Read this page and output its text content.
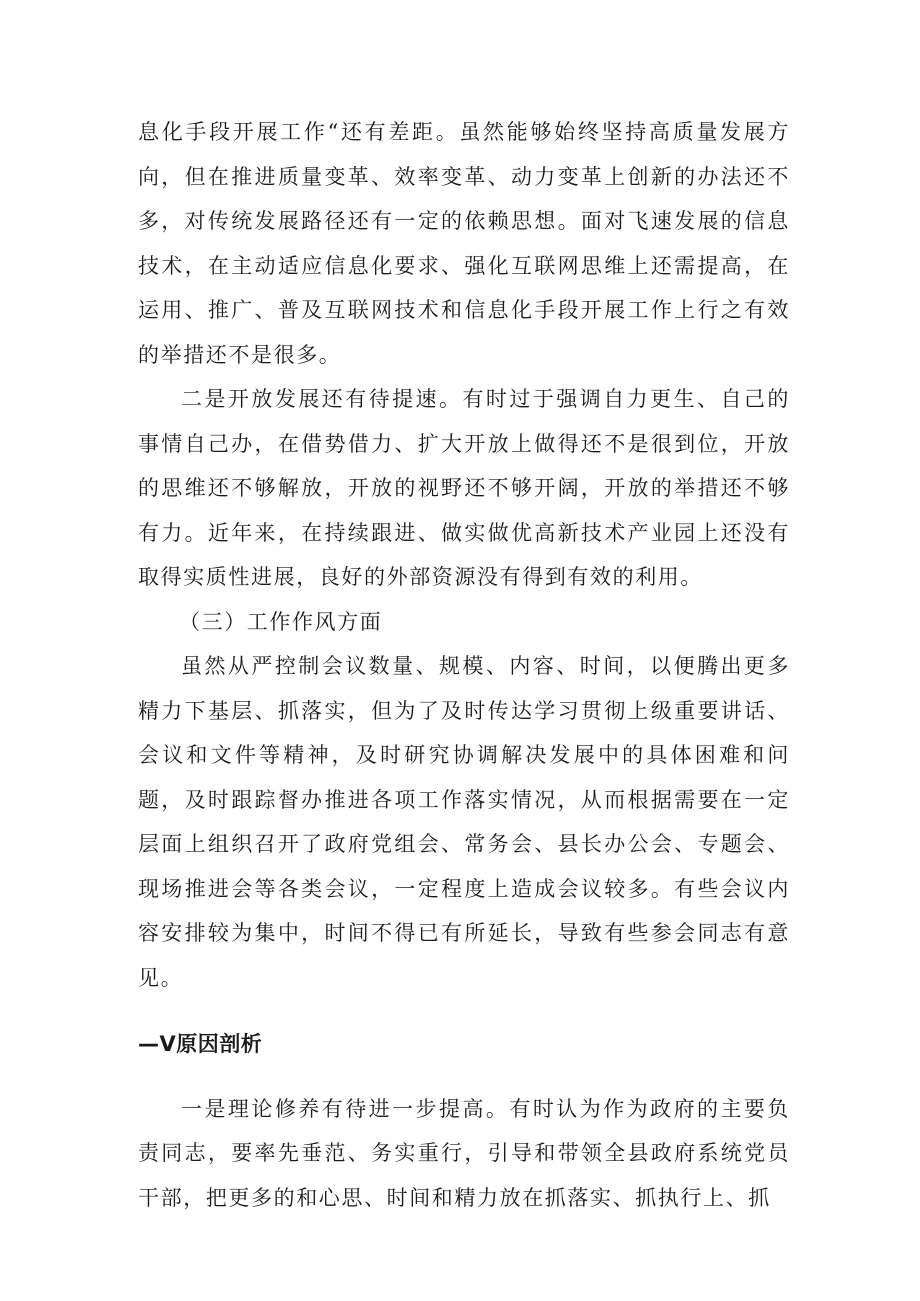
息化手段开展工作“还有差距。虽然能够始终坚持高质量发展方向，但在推进质量变革、效率变革、动力变革上创新的办法还不多，对传统发展路径还有一定的依赖思想。面对飞速发展的信息技术，在主动适应信息化要求、强化互联网思维上还需提高，在运用、推广、普及互联网技术和信息化手段开展工作上行之有效的举措还不是很多。

二是开放发展还有待提速。有时过于强调自力更生、自己的事情自己办，在借势借力、扩大开放上做得还不是很到位，开放的思维还不够解放，开放的视野还不够开阔，开放的举措还不够有力。近年来，在持续跟进、做实做优高新技术产业园上还没有取得实质性进展，良好的外部资源没有得到有效的利用。

（三）工作作风方面

虽然从严控制会议数量、规模、内容、时间，以便腾出更多精力下基层、抓落实，但为了及时传达学习贯彻上级重要讲话、会议和文件等精神，及时研究协调解决发展中的具体困难和问题，及时跟踪督办推进各项工作落实情况，从而根据需要在一定层面上组织召开了政府党组会、常务会、县长办公会、专题会、现场推进会等各类会议，一定程度上造成会议较多。有些会议内容安排较为集中，时间不得已有所延长，导致有些参会同志有意见。

—V原因剖析

一是理论修养有待进一步提高。有时认为作为政府的主要负责同志，要率先垂范、务实重行，引导和带领全县政府系统党员干部，把更多的和心思、时间和精力放在抓落实、抓执行上、抓
